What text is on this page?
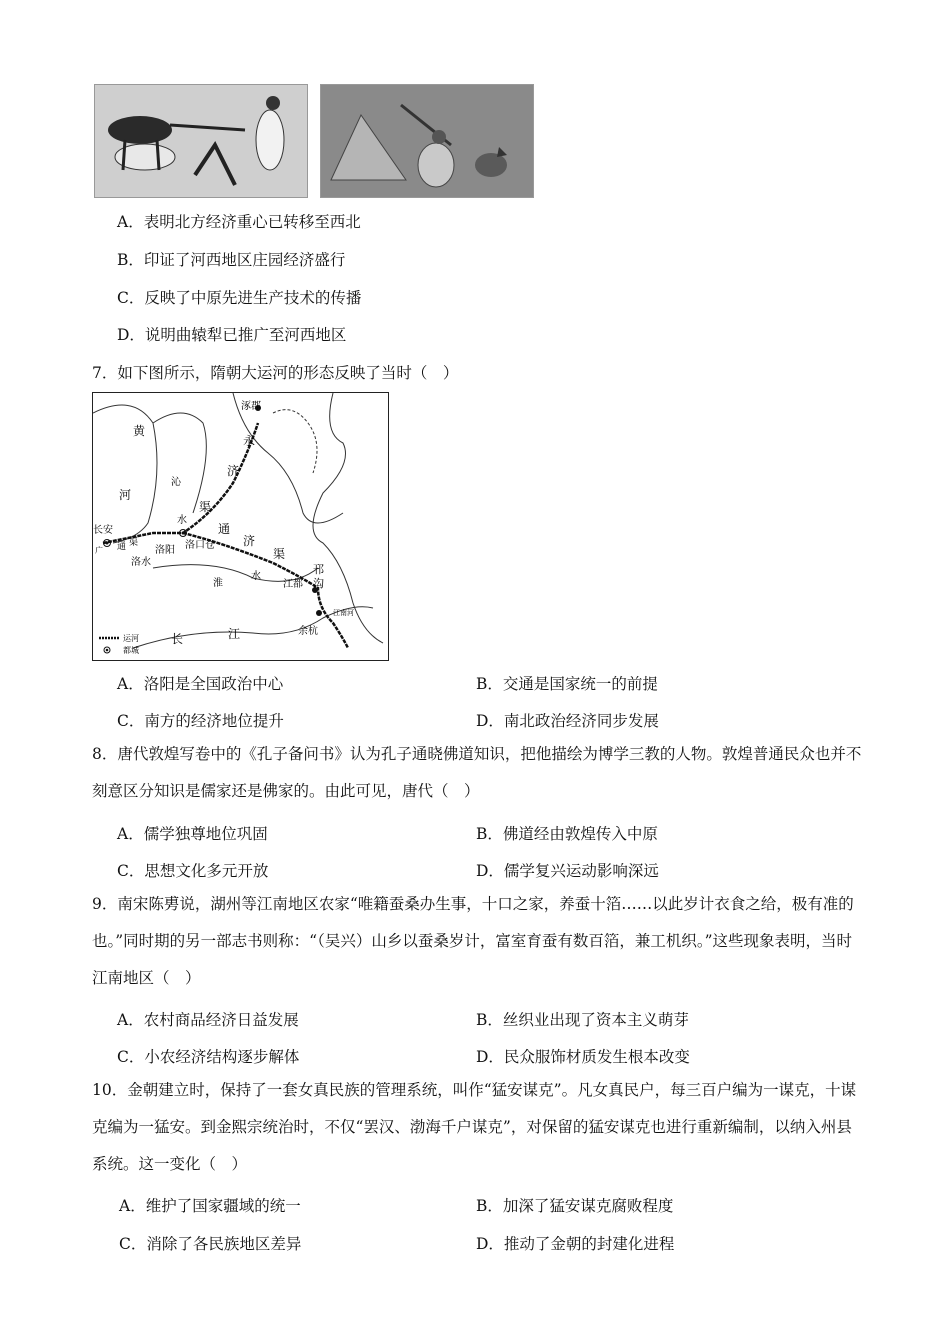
A．表明北方经济重心已转移至西北
B．印证了河西地区庄园经济盛行
C．反映了中原先进生产技术的传播
D．说明曲辕犁已推广至河西地区
7．如下图所示，隋朝大运河的形态反映了当时（　）
涿郡
长安
洛阳 洛口仓
江都
余杭
黄
河
沁
水
永
济
渠
通
济
渠
广 通 渠
洛水
淮
水
邗
沟
江南河
长	江
运河
都城
A．洛阳是全国政治中心	B．交通是国家统一的前提
C．南方的经济地位提升	D．南北政治经济同步发展
8．唐代敦煌写卷中的《孔子备问书》认为孔子通晓佛道知识，把他描绘为博学三教的人物。敦煌普通民众也并不刻意区分知识是儒家还是佛家的。由此可见，唐代（　）
A．儒学独尊地位巩固	B．佛道经由敦煌传入中原
C．思想文化多元开放	D．儒学复兴运动影响深远
9．南宋陈旉说，湖州等江南地区农家“唯籍蚕桑办生事，十口之家，养蚕十箔……以此岁计衣食之给，极有准的也。”同时期的另一部志书则称：“（吴兴）山乡以蚕桑岁计，富室育蚕有数百箔，兼工机织。”这些现象表明，当时江南地区（　）
A．农村商品经济日益发展	B．丝织业出现了资本主义萌芽
C．小农经济结构逐步解体	D．民众服饰材质发生根本改变
10．金朝建立时，保持了一套女真民族的管理系统，叫作“猛安谋克”。凡女真民户，每三百户编为一谋克，十谋克编为一猛安。到金熙宗统治时，不仅“罢汉、渤海千户谋克”，对保留的猛安谋克也进行重新编制，以纳入州县系统。这一变化（　）
A．维护了国家疆域的统一	B．加深了猛安谋克腐败程度
C．消除了各民族地区差异	D．推动了金朝的封建化进程
